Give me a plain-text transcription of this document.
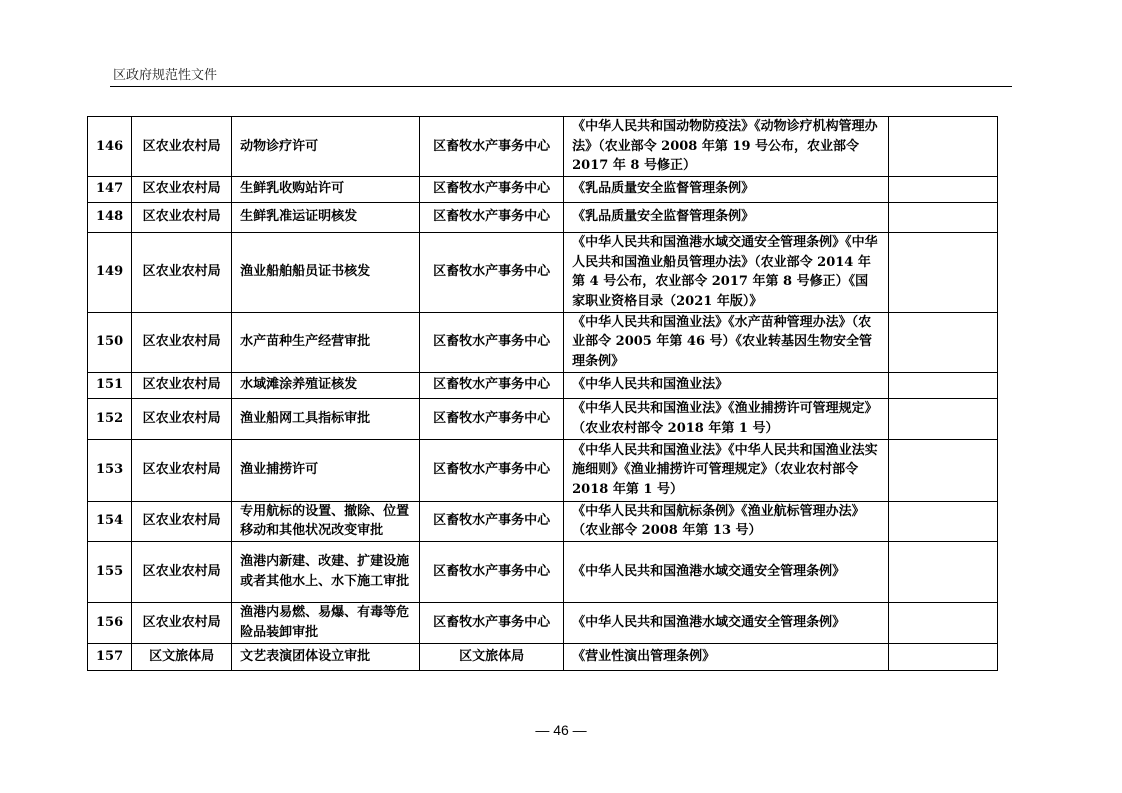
区政府规范性文件
146	区农业农村局	动物诊疗许可	区畜牧水产事务中心	《中华人民共和国动物防疫法》《动物诊疗机构管理办法》（农业部令 2008 年第 19 号公布，农业部令 2017 年 8 号修正）	
147	区农业农村局	生鲜乳收购站许可	区畜牧水产事务中心	《乳品质量安全监督管理条例》	
148	区农业农村局	生鲜乳准运证明核发	区畜牧水产事务中心	《乳品质量安全监督管理条例》	
149	区农业农村局	渔业船舶船员证书核发	区畜牧水产事务中心	《中华人民共和国渔港水域交通安全管理条例》《中华人民共和国渔业船员管理办法》（农业部令 2014 年第 4 号公布，农业部令 2017 年第 8 号修正）《国家职业资格目录（2021 年版）》	
150	区农业农村局	水产苗种生产经营审批	区畜牧水产事务中心	《中华人民共和国渔业法》《水产苗种管理办法》（农业部令 2005 年第 46 号）《农业转基因生物安全管理条例》	
151	区农业农村局	水域滩涂养殖证核发	区畜牧水产事务中心	《中华人民共和国渔业法》	
152	区农业农村局	渔业船网工具指标审批	区畜牧水产事务中心	《中华人民共和国渔业法》《渔业捕捞许可管理规定》（农业农村部令 2018 年第 1 号）	
153	区农业农村局	渔业捕捞许可	区畜牧水产事务中心	《中华人民共和国渔业法》《中华人民共和国渔业法实施细则》《渔业捕捞许可管理规定》（农业农村部令 2018 年第 1 号）	
154	区农业农村局	专用航标的设置、撤除、位置移动和其他状况改变审批	区畜牧水产事务中心	《中华人民共和国航标条例》《渔业航标管理办法》（农业部令 2008 年第 13 号）	
155	区农业农村局	渔港内新建、改建、扩建设施或者其他水上、水下施工审批	区畜牧水产事务中心	《中华人民共和国渔港水域交通安全管理条例》	
156	区农业农村局	渔港内易燃、易爆、有毒等危险品装卸审批	区畜牧水产事务中心	《中华人民共和国渔港水域交通安全管理条例》	
157	区文旅体局	文艺表演团体设立审批	区文旅体局	《营业性演出管理条例》	
— 46 —
